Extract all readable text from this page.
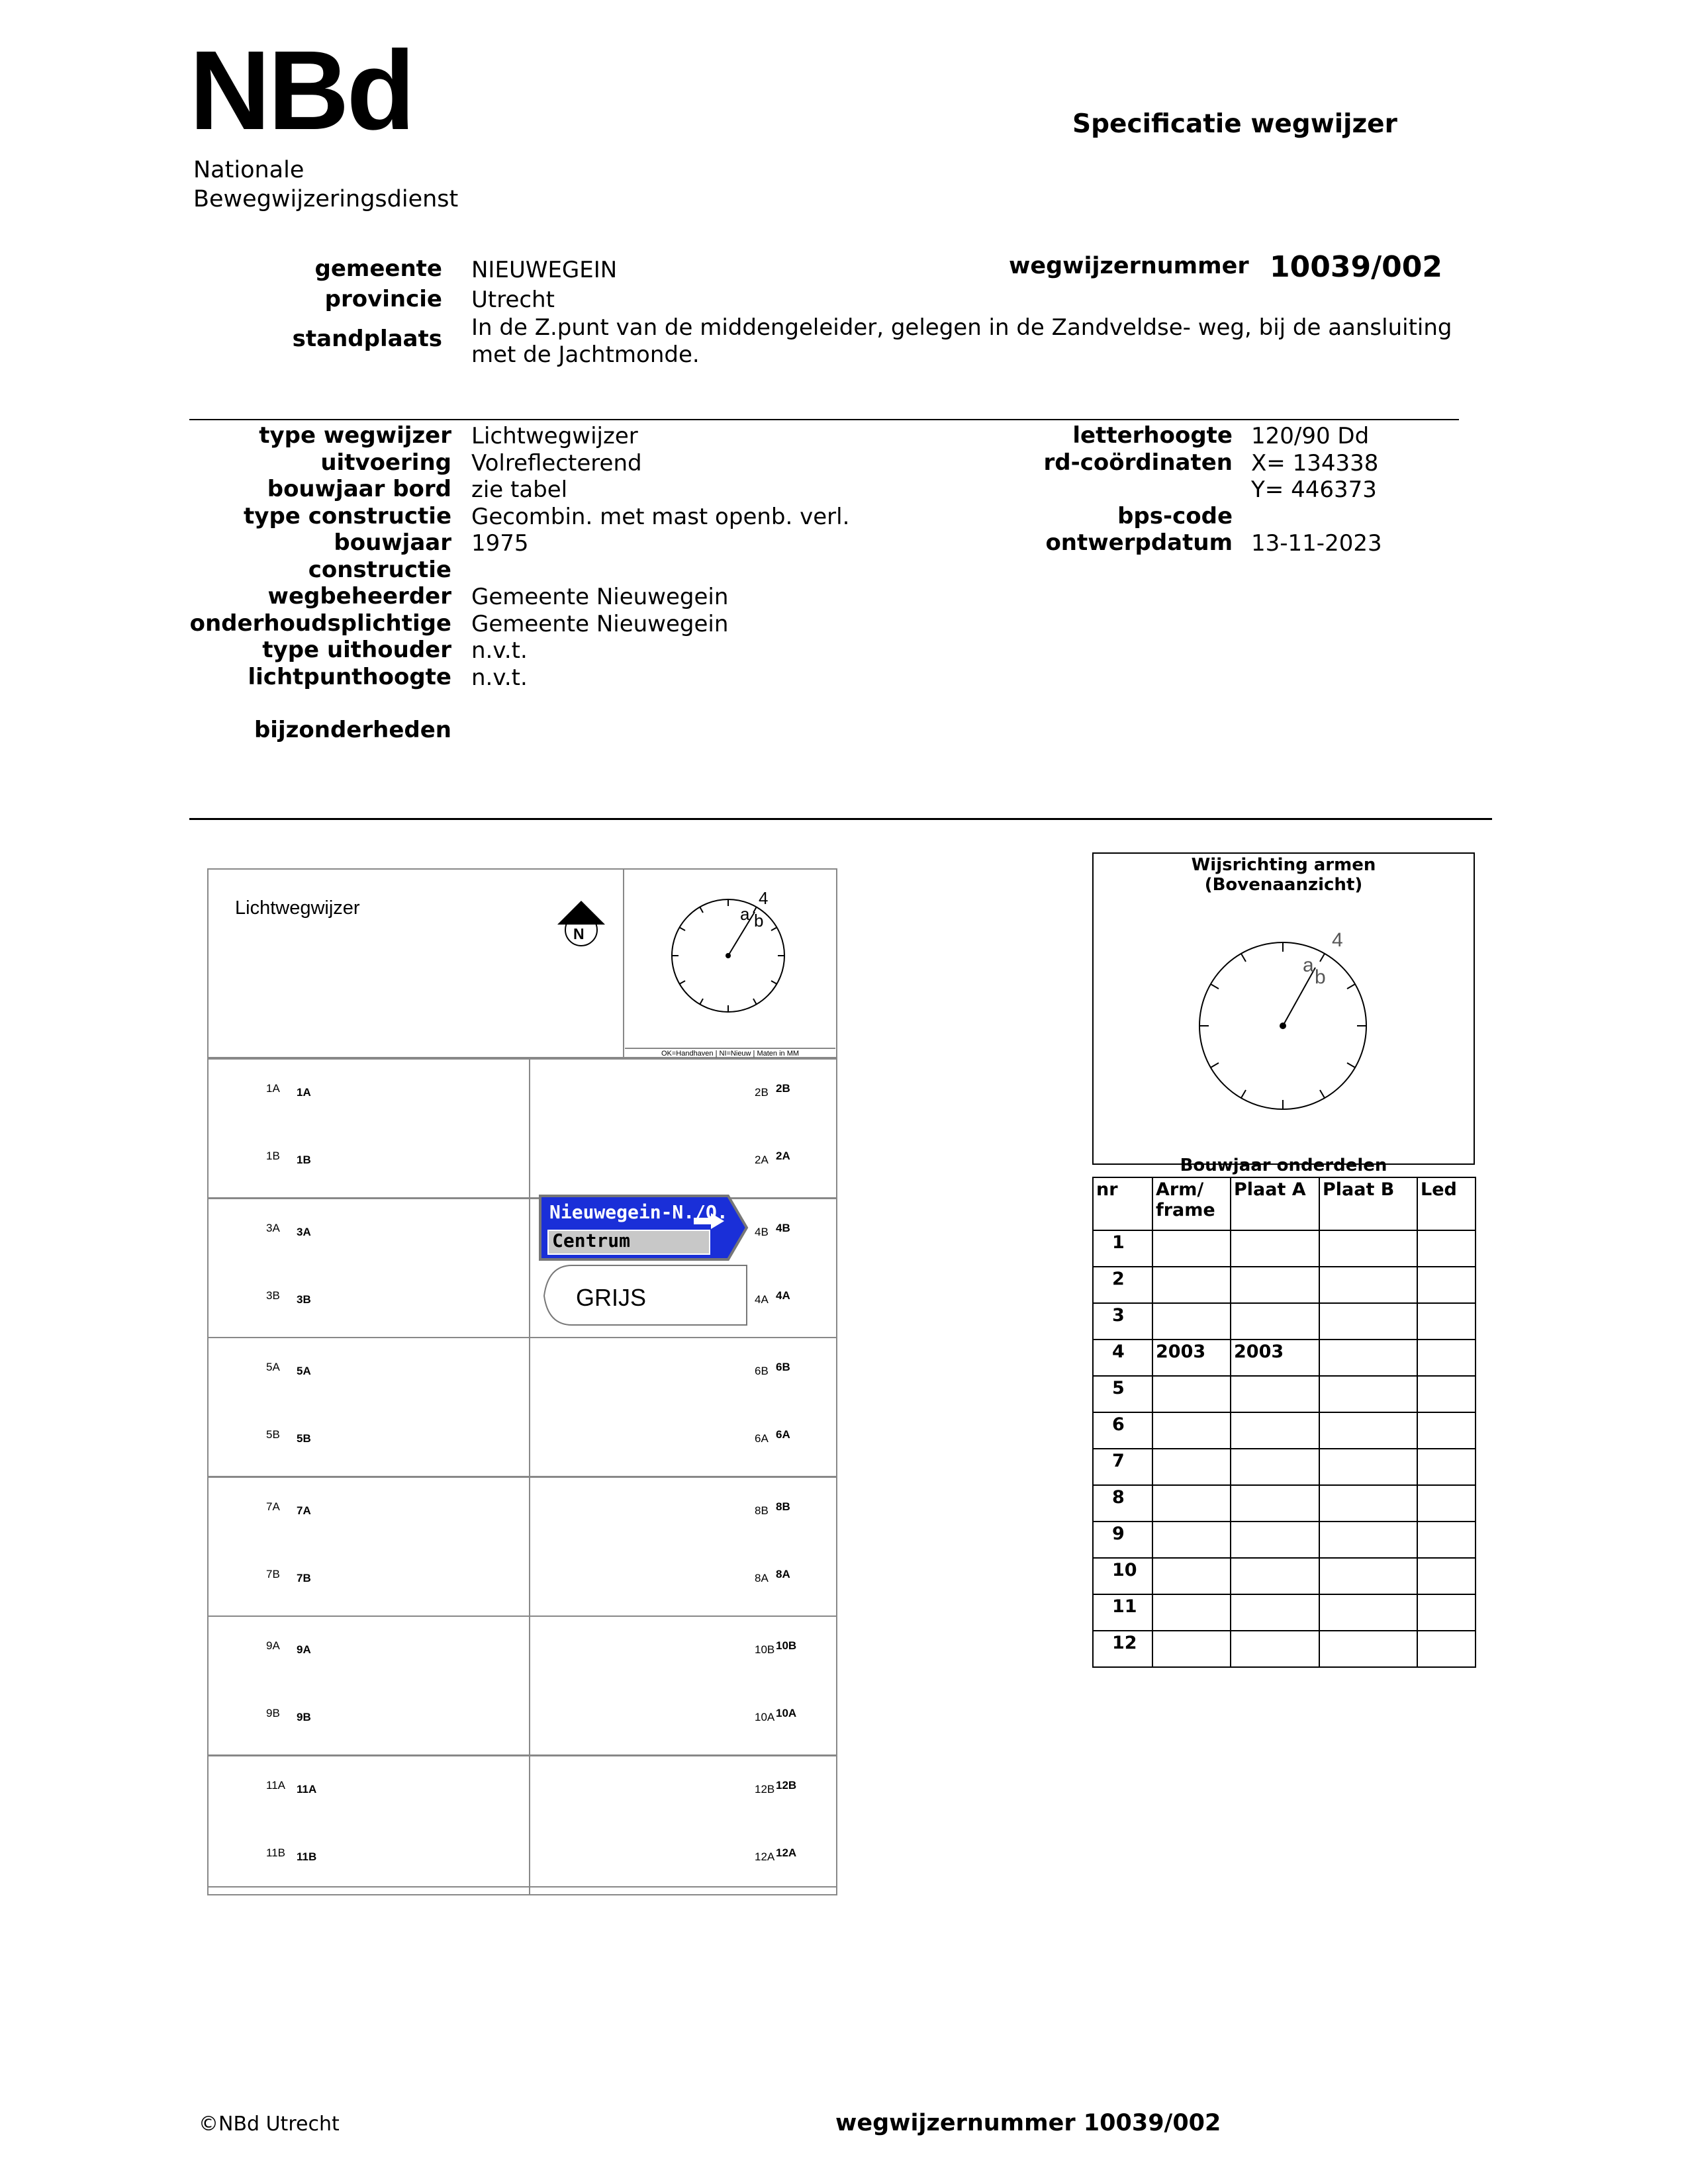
NBd
Nationale
Bewegwijzeringsdienst
Specificatie wegwijzer
gemeente NIEUWEGEIN
provincie Utrecht
standplaats In de Z.punt van de middengeleider, gelegen in de Zandveldse- weg, bij de aansluiting
met de Jachtmonde.
wegwijzernummer 10039/002
type wegwijzer Lichtwegwijzer
uitvoering Volreflecterend
bouwjaar bord zie tabel
type constructie Gecombin. met mast openb. verl.
bouwjaar 1975
constructie
wegbeheerder Gemeente Nieuwegein
onderhoudsplichtige Gemeente Nieuwegein
type uithouder n.v.t.
lichtpunthoogte n.v.t.
bijzonderheden
letterhoogte 120/90 Dd
rd-coördinaten X= 134338
Y= 446373
bps-code
ontwerpdatum 13-11-2023
Lichtwegwijzer
N
4
a b
OK=Handhaven | NI=Nieuw | Maten in MM
1A 1A
1B 1B
2B 2B
2A 2A
3A 3A
3B 3B
4B 4B
4A 4A
5A 5A
5B 5B
6B 6B
6A 6A
7A 7A
7B 7B
8B 8B
8A 8A
9A 9A
9B 9B
10B 10B
10A 10A
11A 11A
11B 11B
12B 12B
12A 12A
Nieuwegein-N./O.
Centrum
GRIJS
Wijsrichting armen
(Bovenaanzicht)
4
a
b
Bouwjaar onderdelen
nr	Arm/ frame	Plaat A	Plaat B	Led
1				
2				
3				
4	2003	2003		
5				
6				
7				
8				
9				
10				
11				
12				
©NBd Utrecht	wegwijzernummer 10039/002
